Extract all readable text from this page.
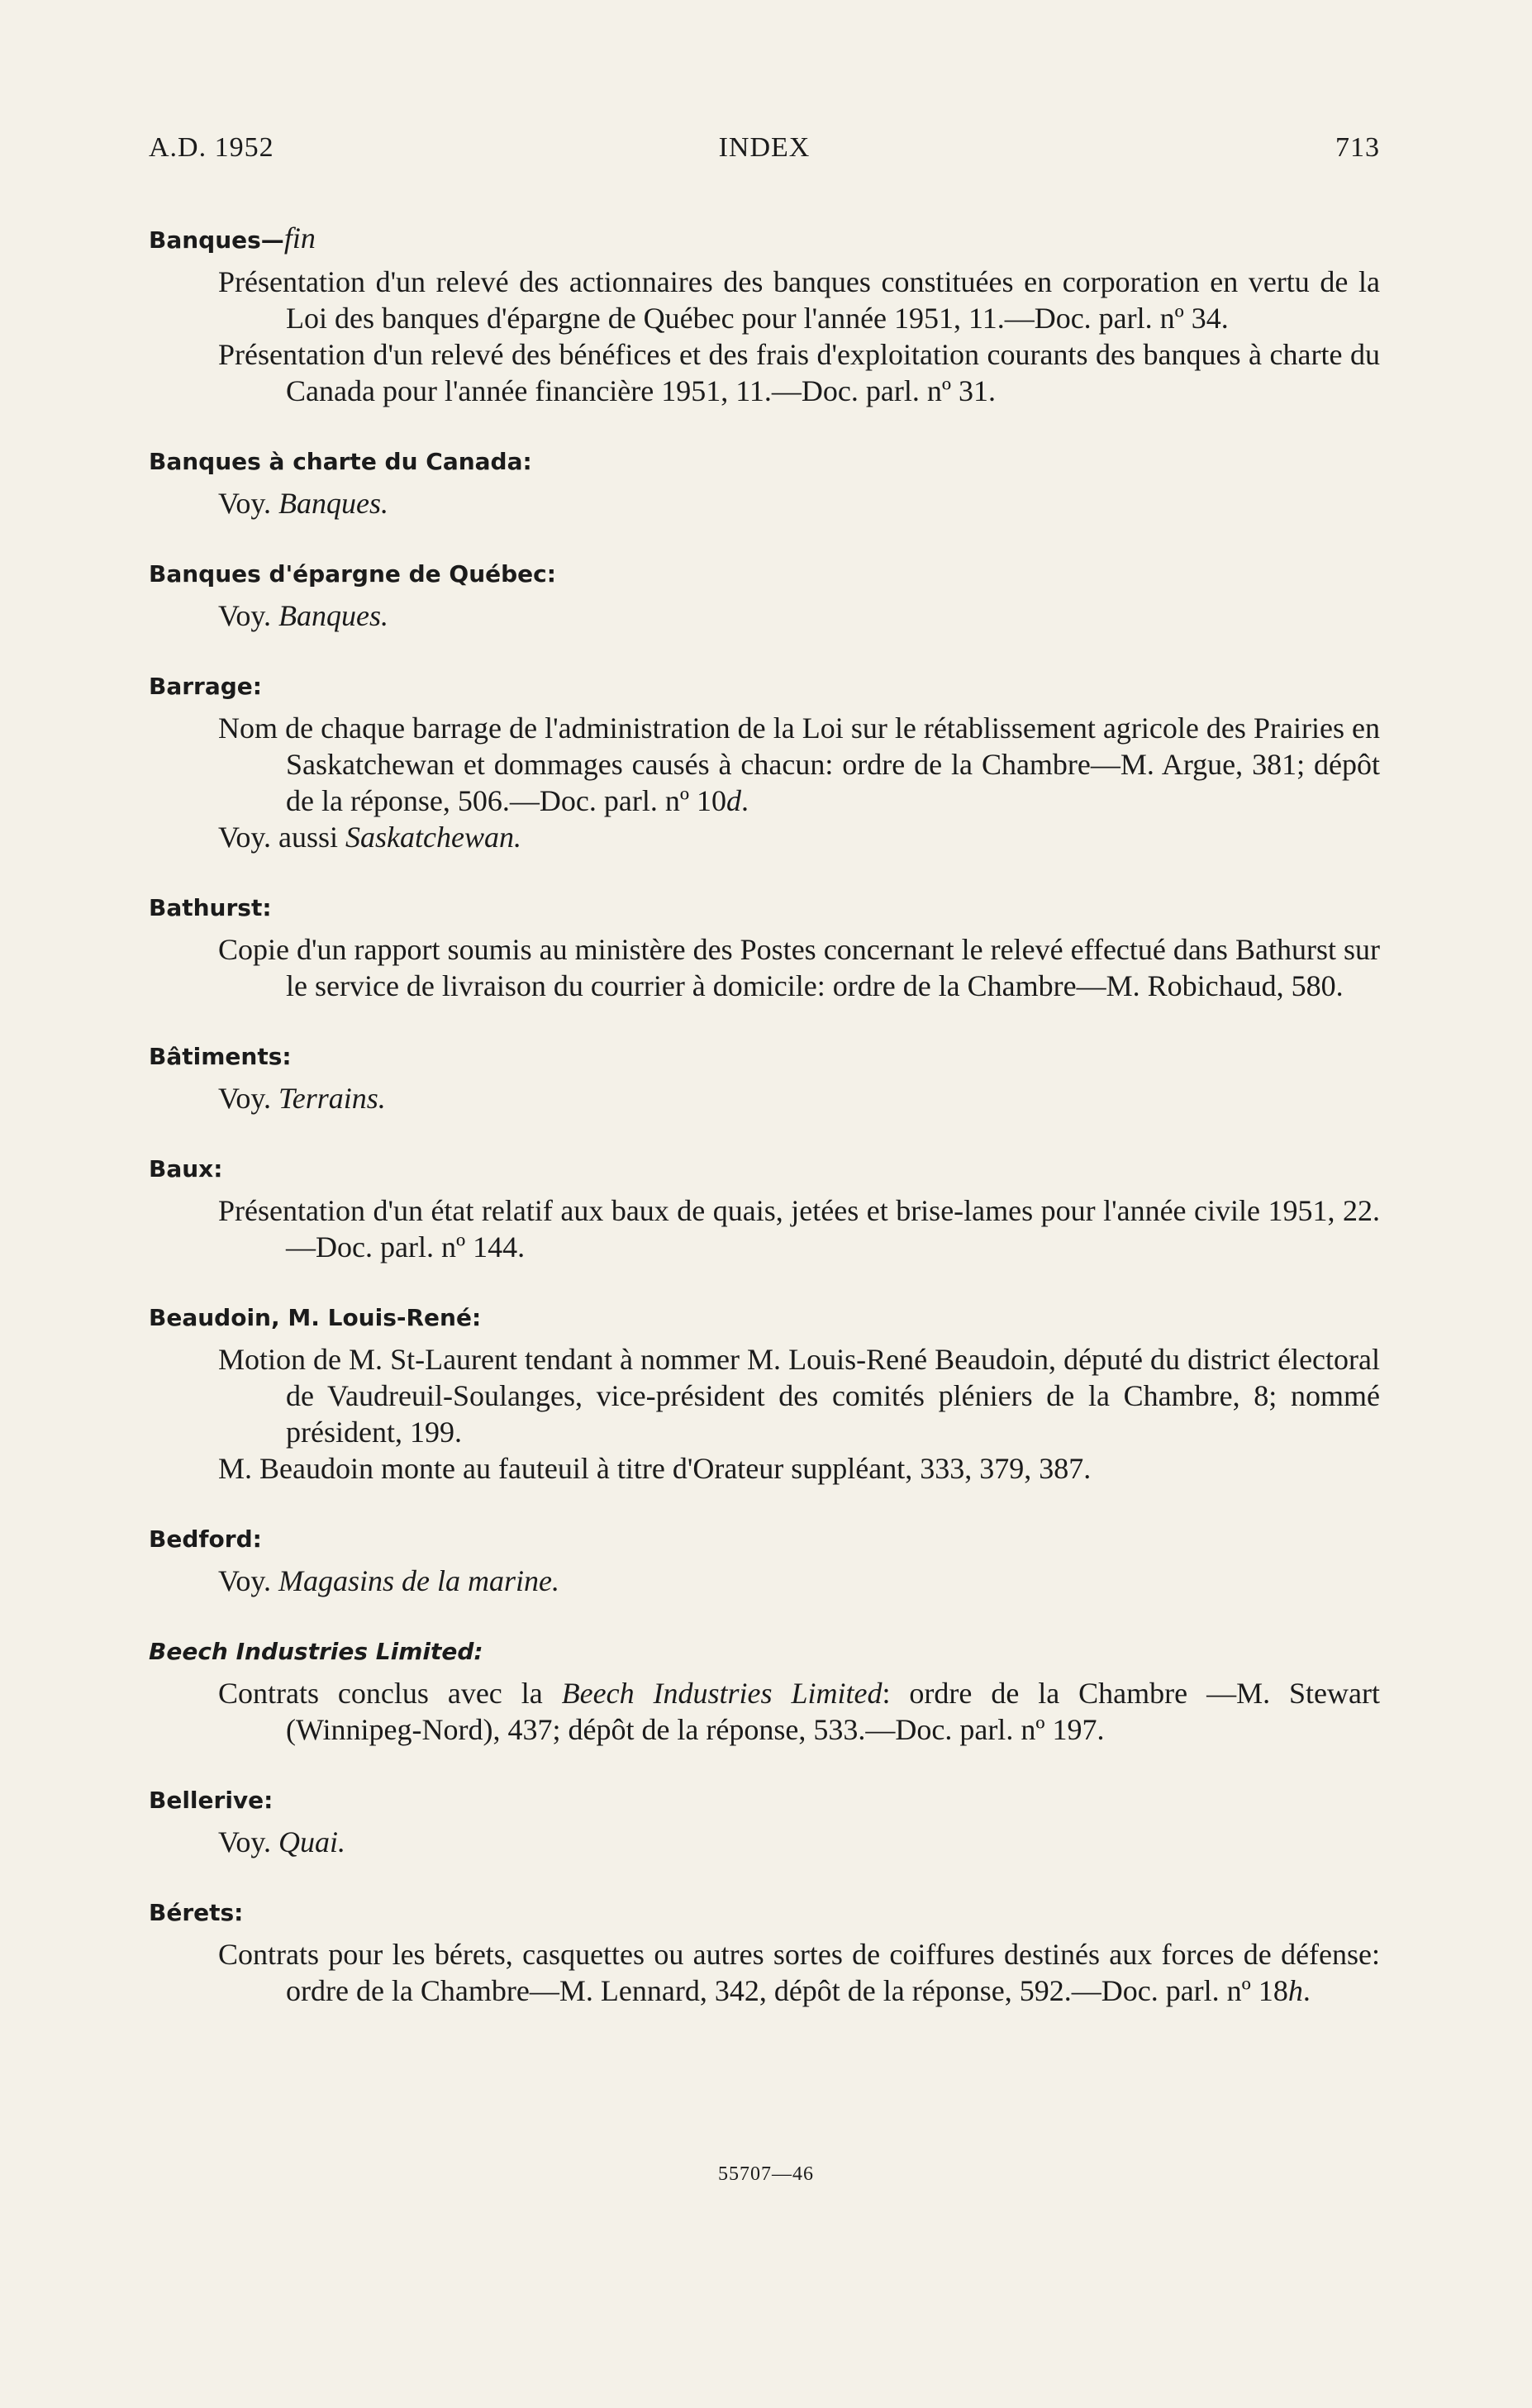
A.D. 1952	INDEX	713
Banques—fin

Présentation d'un relevé des actionnaires des banques constituées en corporation en vertu de la Loi des banques d'épargne de Québec pour l'année 1951, 11.—Doc. parl. nº 34.

Présentation d'un relevé des bénéfices et des frais d'exploitation courants des banques à charte du Canada pour l'année financière 1951, 11.—Doc. parl. nº 31.

Banques à charte du Canada:

Voy. Banques.

Banques d'épargne de Québec:

Voy. Banques.

Barrage:

Nom de chaque barrage de l'administration de la Loi sur le rétablissement agricole des Prairies en Saskatchewan et dommages causés à chacun: ordre de la Chambre—M. Argue, 381; dépôt de la réponse, 506.—Doc. parl. nº 10d.

Voy. aussi Saskatchewan.

Bathurst:

Copie d'un rapport soumis au ministère des Postes concernant le relevé effectué dans Bathurst sur le service de livraison du courrier à domicile: ordre de la Chambre—M. Robichaud, 580.

Bâtiments:

Voy. Terrains.

Baux:

Présentation d'un état relatif aux baux de quais, jetées et brise-lames pour l'année civile 1951, 22.—Doc. parl. nº 144.

Beaudoin, M. Louis-René:

Motion de M. St-Laurent tendant à nommer M. Louis-René Beaudoin, député du district électoral de Vaudreuil-Soulanges, vice-président des comités pléniers de la Chambre, 8; nommé président, 199.

M. Beaudoin monte au fauteuil à titre d'Orateur suppléant, 333, 379, 387.

Bedford:

Voy. Magasins de la marine.

Beech Industries Limited:

Contrats conclus avec la Beech Industries Limited: ordre de la Chambre —M. Stewart (Winnipeg-Nord), 437; dépôt de la réponse, 533.—Doc. parl. nº 197.

Bellerive:

Voy. Quai.

Bérets:

Contrats pour les bérets, casquettes ou autres sortes de coiffures destinés aux forces de défense: ordre de la Chambre—M. Lennard, 342, dépôt de la réponse, 592.—Doc. parl. nº 18h.

55707—46
